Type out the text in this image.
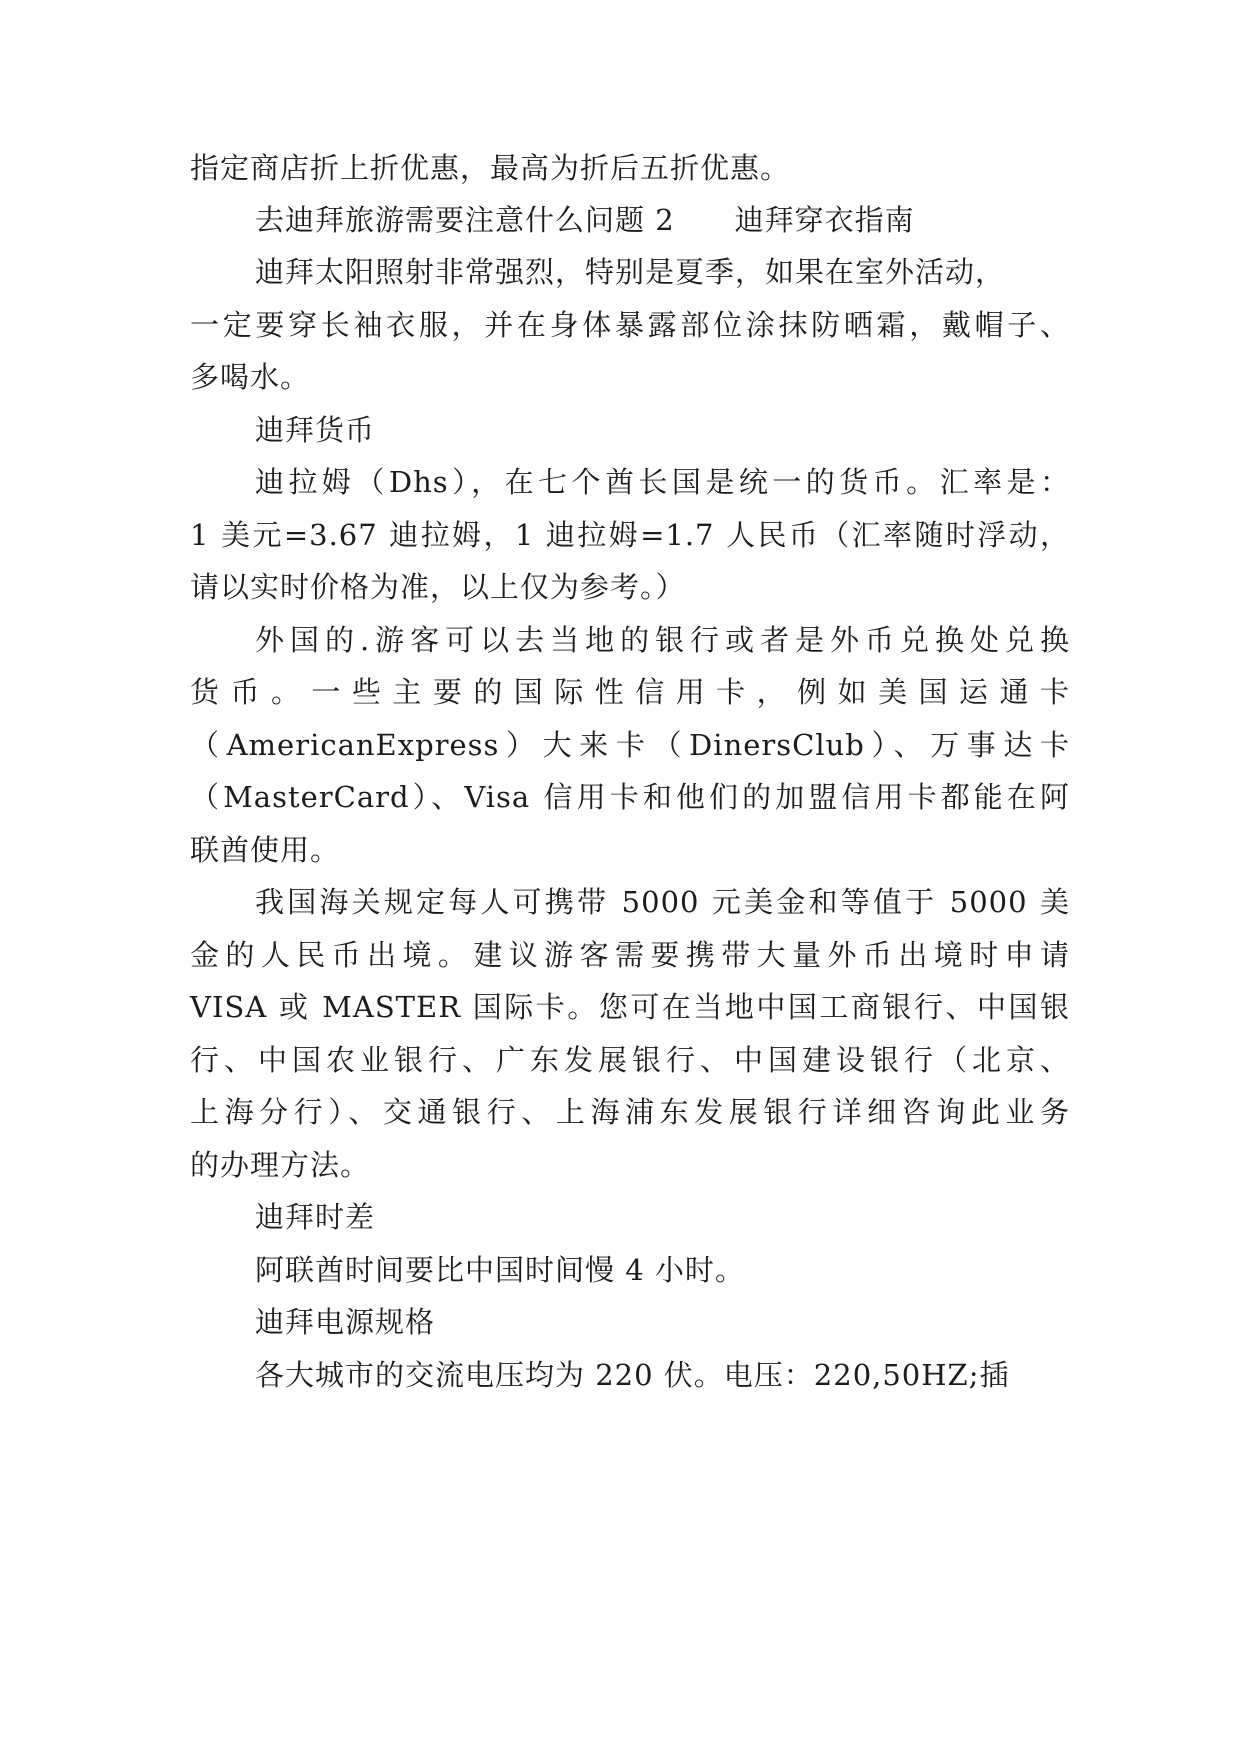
指定商店折上折优惠，最高为折后五折优惠。
去迪拜旅游需要注意什么问题 2　　迪拜穿衣指南
迪拜太阳照射非常强烈，特别是夏季，如果在室外活动，
一定要穿长袖衣服，并在身体暴露部位涂抹防晒霜，戴帽子、
多喝水。
迪拜货币
迪拉姆（Dhs），在七个酋长国是统一的货币。汇率是：
1 美元=3.67 迪拉姆，1 迪拉姆=1.7 人民币（汇率随时浮动，
请以实时价格为准，以上仅为参考。）
外国的.游客可以去当地的银行或者是外币兑换处兑换
货币。一些主要的国际性信用卡，例如美国运通卡
（AmericanExpress）大来卡（DinersClub）、万事达卡
（MasterCard）、Visa 信用卡和他们的加盟信用卡都能在阿
联酋使用。
我国海关规定每人可携带 5000 元美金和等值于 5000 美
金的人民币出境。建议游客需要携带大量外币出境时申请
VISA 或 MASTER 国际卡。您可在当地中国工商银行、中国银
行、中国农业银行、广东发展银行、中国建设银行（北京、
上海分行）、交通银行、上海浦东发展银行详细咨询此业务
的办理方法。
迪拜时差
阿联酋时间要比中国时间慢 4 小时。
迪拜电源规格
各大城市的交流电压均为 220 伏。电压：220,50HZ;插
